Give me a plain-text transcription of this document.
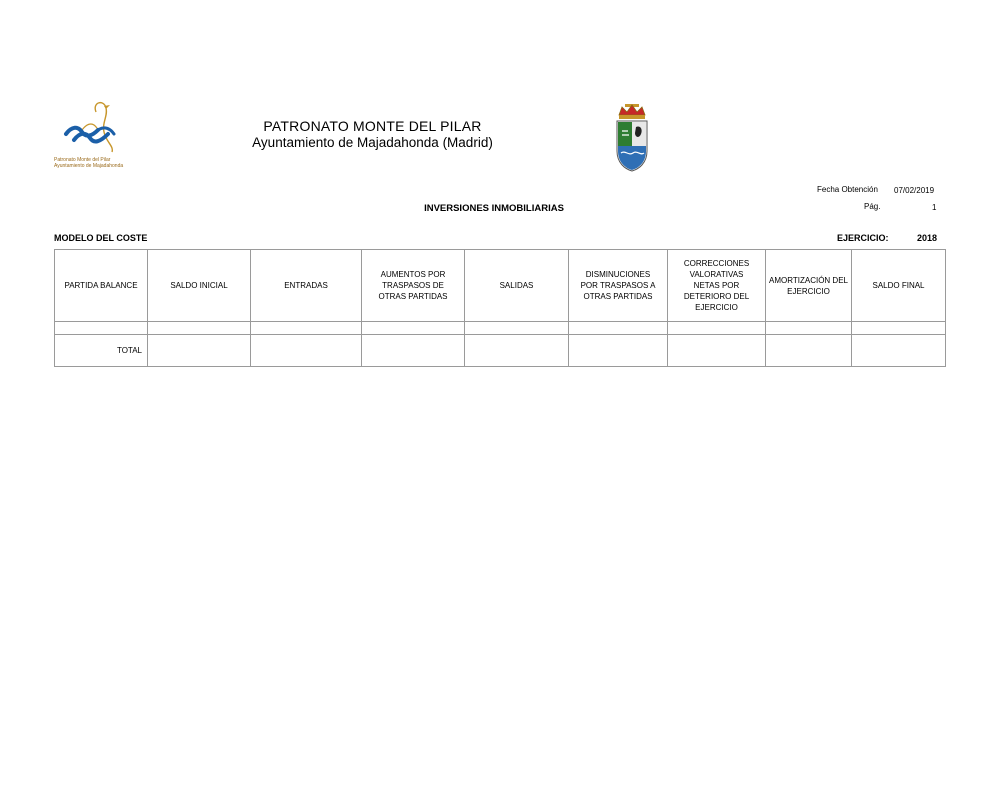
Patronato Monte del Pilar
Ayuntamiento de Majadahonda
PATRONATO MONTE DEL PILAR
Ayuntamiento de Majadahonda (Madrid)
Fecha Obtención 07/02/2019
Pág.	1
INVERSIONES INMOBILIARIAS
MODELO DEL COSTE	EJERCICIO:	2018
PARTIDA BALANCE	SALDO INICIAL	ENTRADAS	AUMENTOS POR TRASPASOS DE OTRAS PARTIDAS	SALIDAS	DISMINUCIONES POR TRASPASOS A OTRAS PARTIDAS	CORRECCIONES VALORATIVAS NETAS POR DETERIORO DEL EJERCICIO	AMORTIZACIÓN DEL EJERCICIO	SALDO FINAL

TOTAL								
